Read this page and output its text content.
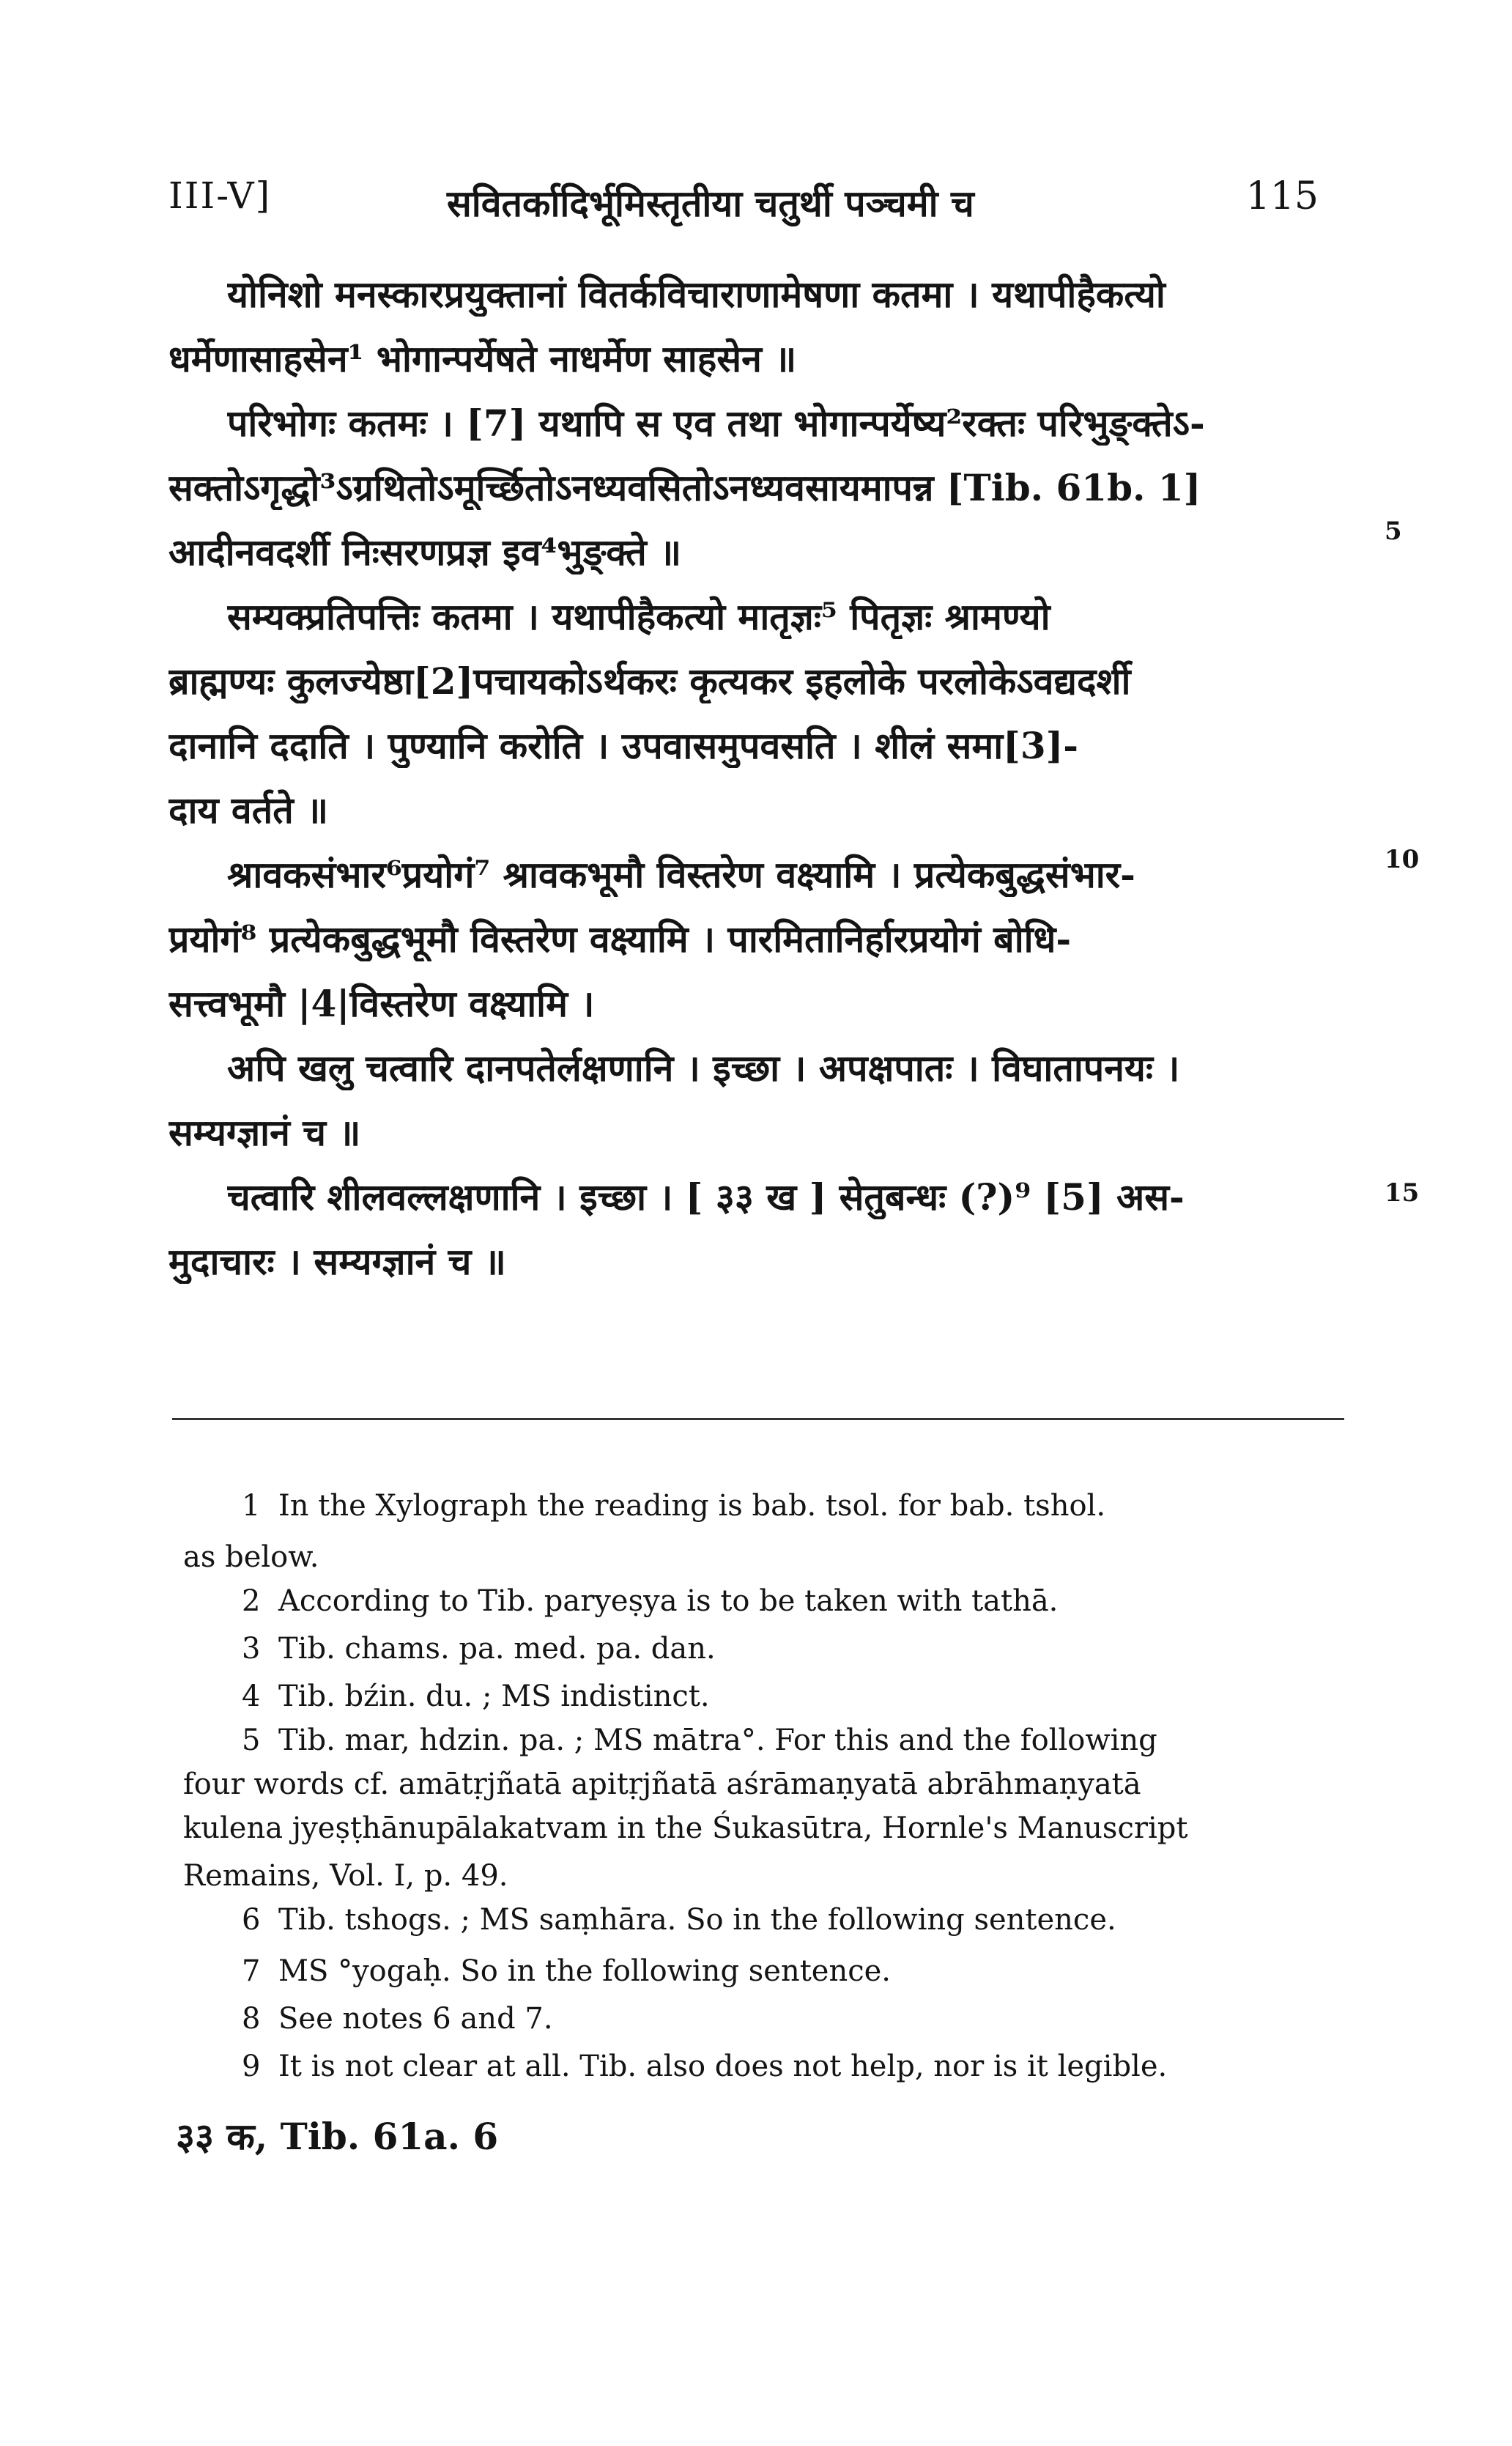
III-V]	सवितर्कादिर्भूमिस्तृतीया चतुर्थी पञ्चमी च	115
योनिशो मनस्कारप्रयुक्तानां वितर्कविचाराणामेषणा कतमा । यथापीहैकत्यो
धर्मेणासाहसेन¹ भोगान्पर्येषते नाधर्मेण साहसेन ॥
परिभोगः कतमः । [7] यथापि स एव तथा भोगान्पर्येष्य²रक्तः परिभुङ्क्तेऽ-
सक्तोऽगृद्धो³ऽग्रथितोऽमूर्च्छितोऽनध्यवसितोऽनध्यवसायमापन्न [Tib. 61b. 1]
आदीनवदर्शी निःसरणप्रज्ञ इव⁴भुङ्क्ते ॥
सम्यक्प्रतिपत्तिः कतमा । यथापीहैकत्यो मातृज्ञः⁵ पितृज्ञः श्रामण्यो
ब्राह्मण्यः कुलज्येष्ठा[2]पचायकोऽर्थकरः कृत्यकर इहलोके परलोकेऽवद्यदर्शी
दानानि ददाति । पुण्यानि करोति । उपवासमुपवसति । शीलं समा[3]-
दाय वर्तते ॥
श्रावकसंभार⁶प्रयोगं⁷ श्रावकभूमौ विस्तरेण वक्ष्यामि । प्रत्येकबुद्धसंभार-
प्रयोगं⁸ प्रत्येकबुद्धभूमौ विस्तरेण वक्ष्यामि । पारमितानिर्हारप्रयोगं बोधि-
सत्त्वभूमौ |4|विस्तरेण वक्ष्यामि ।
अपि खलु चत्वारि दानपतेर्लक्षणानि । इच्छा । अपक्षपातः । विघातापनयः ।
सम्यग्ज्ञानं च ॥
चत्वारि शीलवल्लक्षणानि । इच्छा । [ ३३ ख ] सेतुबन्धः (?)⁹ [5] अस-
मुदाचारः । सम्यग्ज्ञानं च ॥
5
10
15
1 In the Xylograph the reading is bab. tsol. for bab. tshol.
as below.
2 According to Tib. paryeṣya is to be taken with tathā.
3 Tib. chams. pa. med. pa. dan.
4 Tib. bźin. du. ; MS indistinct.
5 Tib. mar, hdzin. pa. ; MS mātra°. For this and the following
four words cf. amātṛjñatā apitṛjñatā aśrāmaṇyatā abrāhmaṇyatā
kulena jyeṣṭhānupālakatvam in the Śukasūtra, Hornle's Manuscript
Remains, Vol. I, p. 49.
6 Tib. tshogs. ; MS saṃhāra. So in the following sentence.
7 MS °yogaḥ. So in the following sentence.
8 See notes 6 and 7.
9 It is not clear at all. Tib. also does not help, nor is it legible.
३३ क, Tib. 61a. 6
